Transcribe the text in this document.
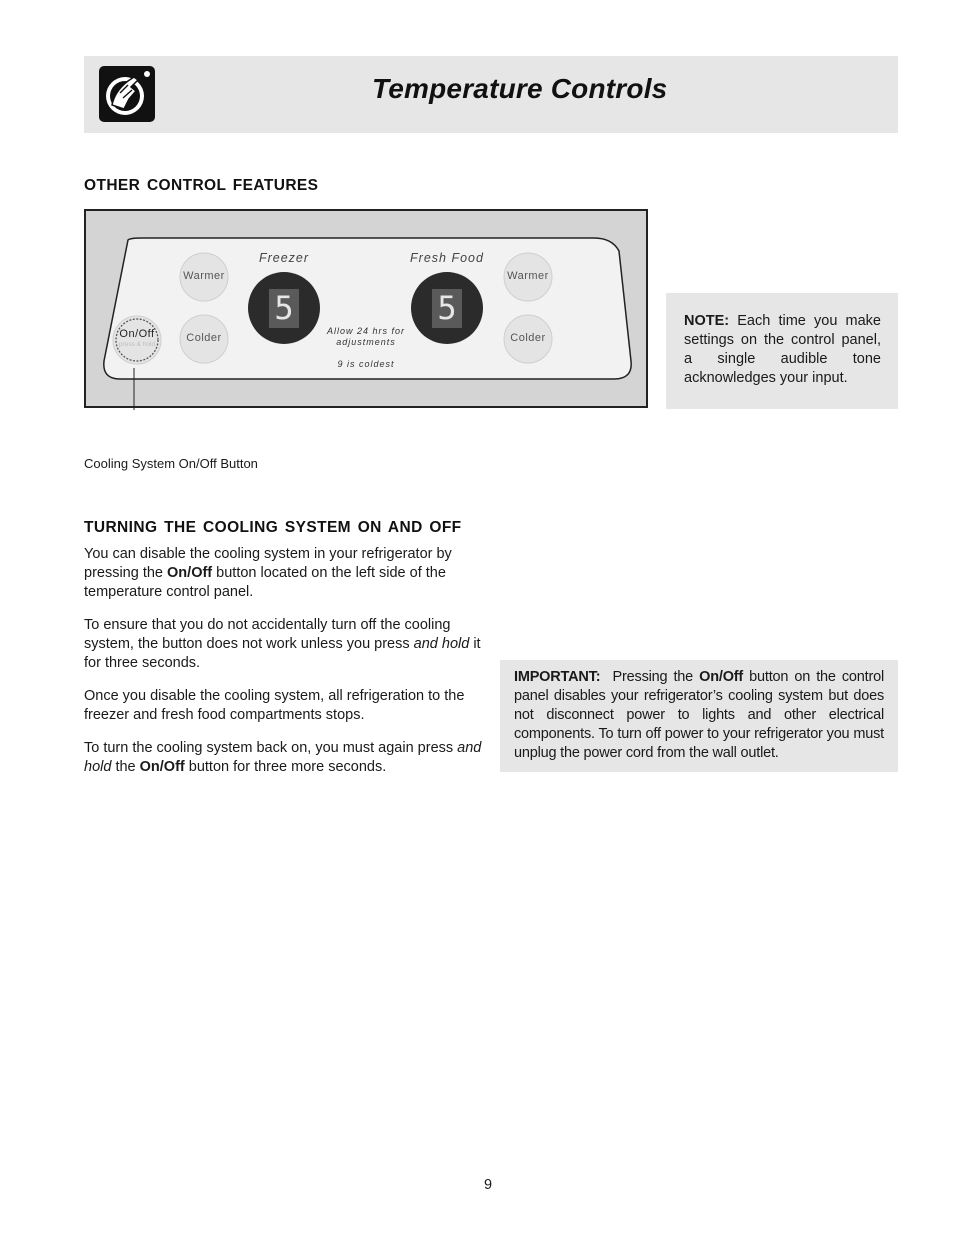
Temperature Controls
OTHER CONTROL FEATURES
Warmer
Colder
Warmer
Colder
On/Off
press & hold
Freezer	Fresh Food
5	5
Allow 24 hrs for
adjustments
9 is coldest
Cooling System On/Off Button
NOTE: Each time you make settings on the control panel, a single audible tone acknowledges your input.
TURNING THE COOLING SYSTEM ON AND OFF

You can disable the cooling system in your refrigerator by pressing the On/Off button located on the left side of the temperature control panel.

To ensure that you do not accidentally turn off the cooling system, the button does not work unless you press and hold it for three seconds.

Once you disable the cooling system, all refrigeration to the freezer and fresh food compartments stops.

To turn the cooling system back on, you must again press and hold the On/Off button for three more seconds.

IMPORTANT:  Pressing the On/Off button on the control panel disables your refrigerator’s cooling system but does not disconnect power to lights and other electrical components. To turn off power to your refrigerator you must unplug the power cord from the wall outlet.
9
